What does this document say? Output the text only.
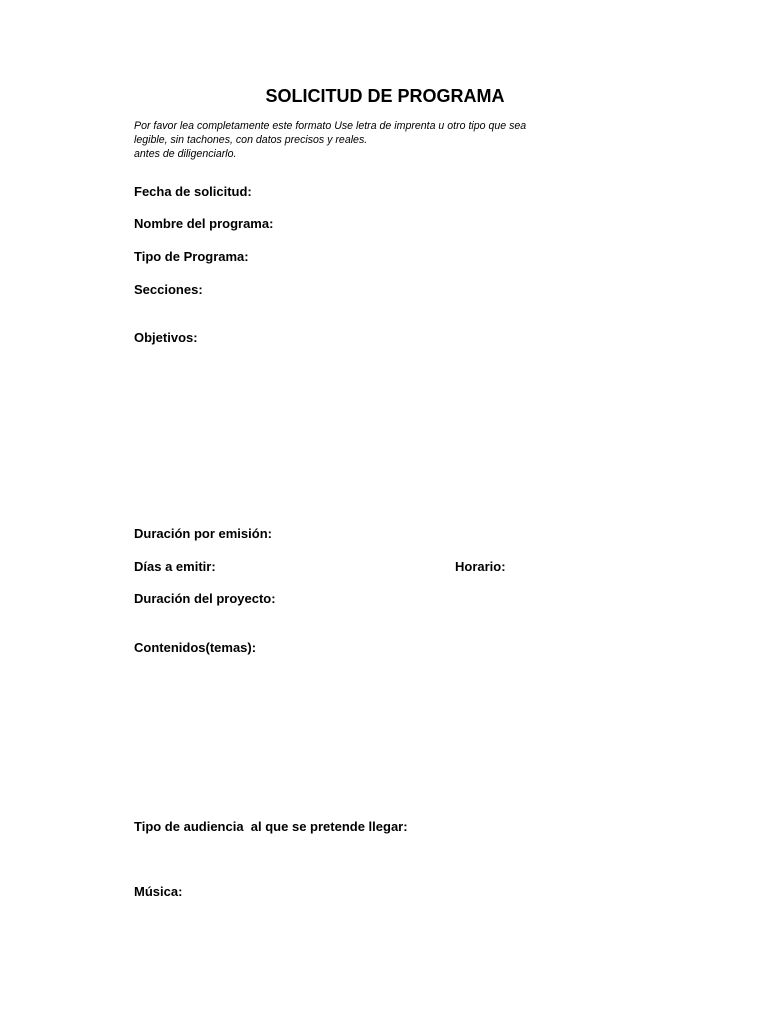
SOLICITUD DE PROGRAMA
Por favor lea completamente este formato Use letra de imprenta u otro tipo que sea
legible, sin tachones, con datos precisos y reales.
antes de diligenciarlo.
Fecha de solicitud:
Nombre del programa:
Tipo de Programa:
Secciones:
Objetivos:
Duración por emisión:
Días a emitir:	Horario:
Duración del proyecto:
Contenidos(temas):
Tipo de audiencia  al que se pretende llegar:
Música:
